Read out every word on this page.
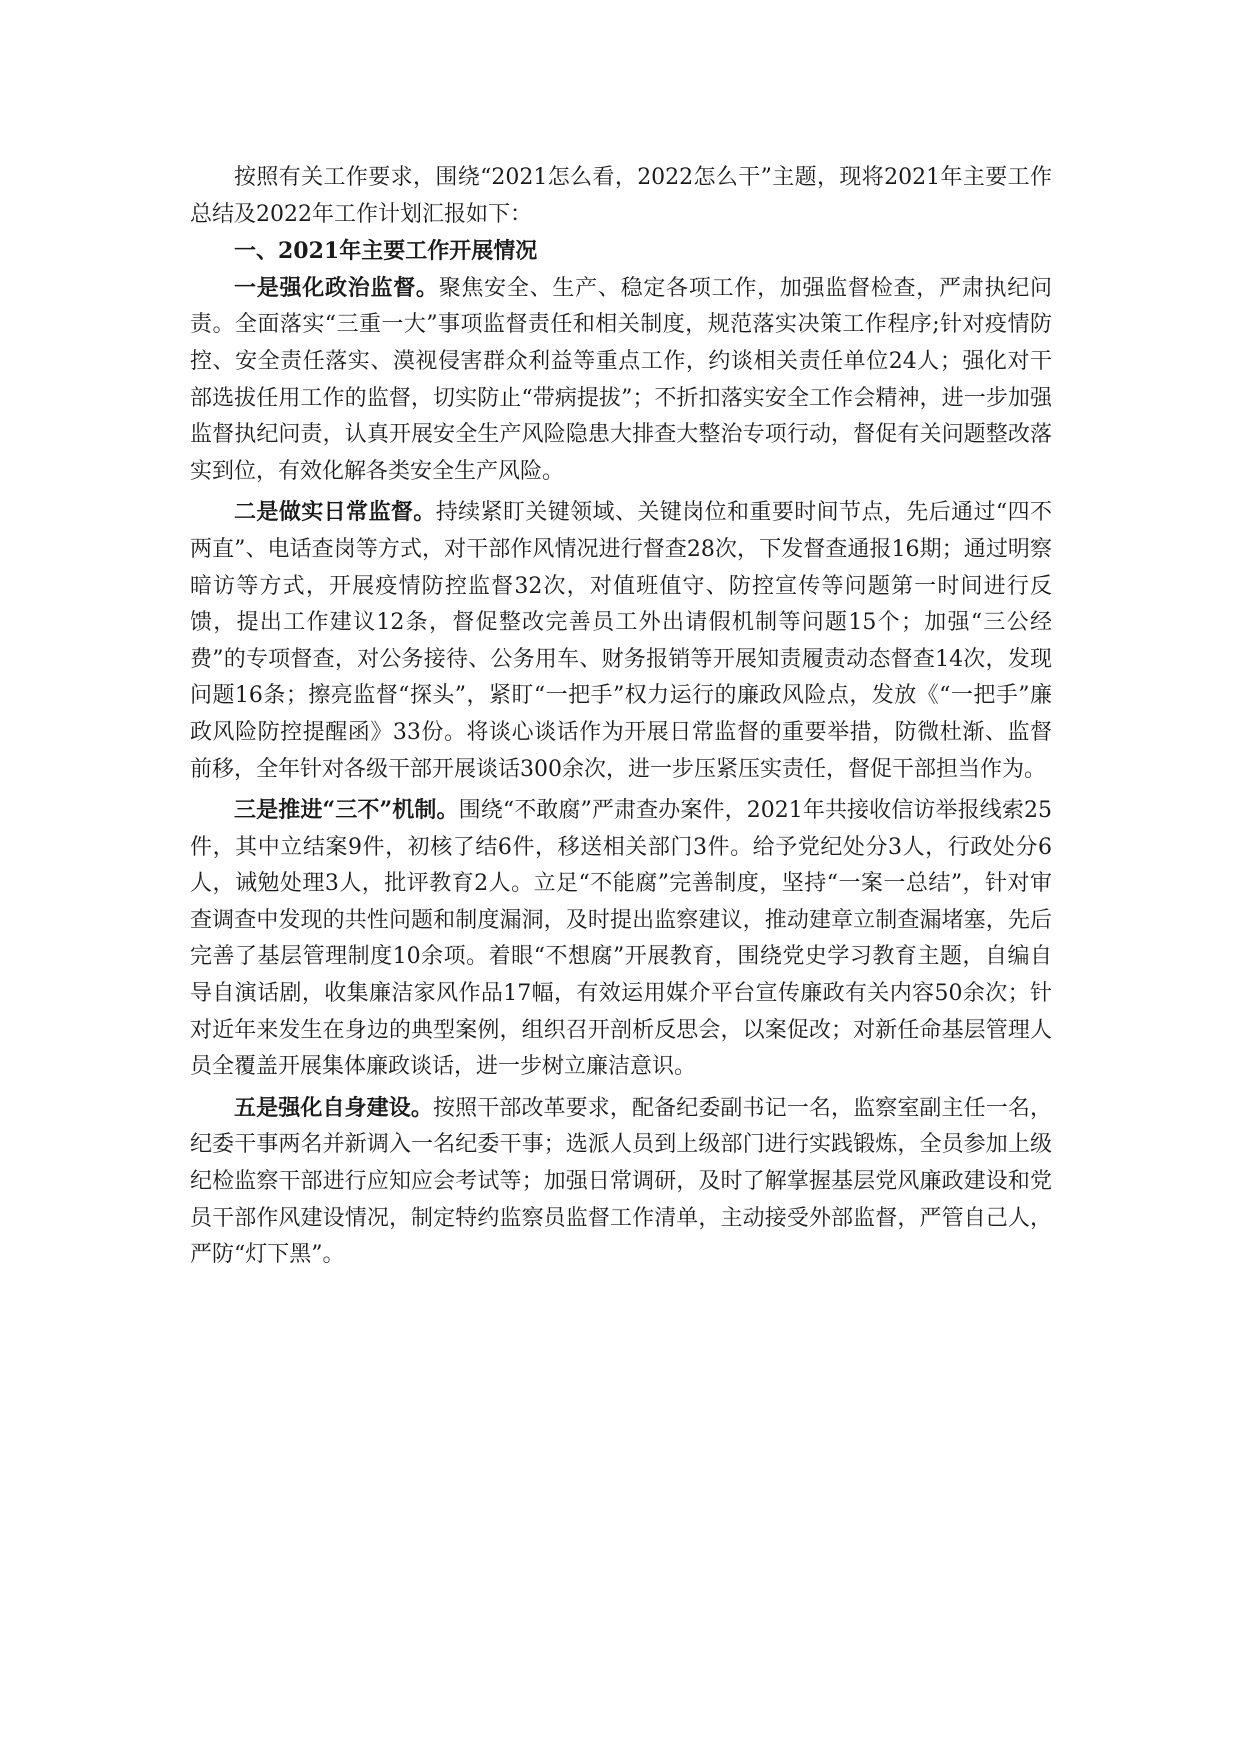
按照有关工作要求，围绕“2021怎么看，2022怎么干”主题，现将2021年主要工作总结及2022年工作计划汇报如下：

一、2021年主要工作开展情况

一是强化政治监督。聚焦安全、生产、稳定各项工作，加强监督检查，严肃执纪问责。全面落实“三重一大”事项监督责任和相关制度，规范落实决策工作程序;针对疫情防控、安全责任落实、漠视侵害群众利益等重点工作，约谈相关责任单位24人；强化对干部选拔任用工作的监督，切实防止“带病提拔”；不折扣落实安全工作会精神，进一步加强监督执纪问责，认真开展安全生产风险隐患大排查大整治专项行动，督促有关问题整改落实到位，有效化解各类安全生产风险。

二是做实日常监督。持续紧盯关键领域、关键岗位和重要时间节点，先后通过“四不两直”、电话查岗等方式，对干部作风情况进行督查28次，下发督查通报16期；通过明察暗访等方式，开展疫情防控监督32次，对值班值守、防控宣传等问题第一时间进行反馈，提出工作建议12条，督促整改完善员工外出请假机制等问题15个；加强“三公经费”的专项督查，对公务接待、公务用车、财务报销等开展知责履责动态督查14次，发现问题16条；擦亮监督“探头”，紧盯“一把手”权力运行的廉政风险点，发放《“一把手”廉政风险防控提醒函》33份。将谈心谈话作为开展日常监督的重要举措，防微杜渐、监督前移，全年针对各级干部开展谈话300余次，进一步压紧压实责任，督促干部担当作为。

三是推进“三不”机制。围绕“不敢腐”严肃查办案件，2021年共接收信访举报线索25件，其中立结案9件，初核了结6件，移送相关部门3件。给予党纪处分3人，行政处分6人，诫勉处理3人，批评教育2人。立足“不能腐”完善制度，坚持“一案一总结”，针对审查调查中发现的共性问题和制度漏洞，及时提出监察建议，推动建章立制查漏堵塞，先后完善了基层管理制度10余项。着眼“不想腐”开展教育，围绕党史学习教育主题，自编自导自演话剧，收集廉洁家风作品17幅，有效运用媒介平台宣传廉政有关内容50余次；针对近年来发生在身边的典型案例，组织召开剖析反思会，以案促改；对新任命基层管理人员全覆盖开展集体廉政谈话，进一步树立廉洁意识。

五是强化自身建设。按照干部改革要求，配备纪委副书记一名，监察室副主任一名，纪委干事两名并新调入一名纪委干事；选派人员到上级部门进行实践锻炼，全员参加上级纪检监察干部进行应知应会考试等；加强日常调研，及时了解掌握基层党风廉政建设和党员干部作风建设情况，制定特约监察员监督工作清单，主动接受外部监督，严管自己人，严防“灯下黑”。
